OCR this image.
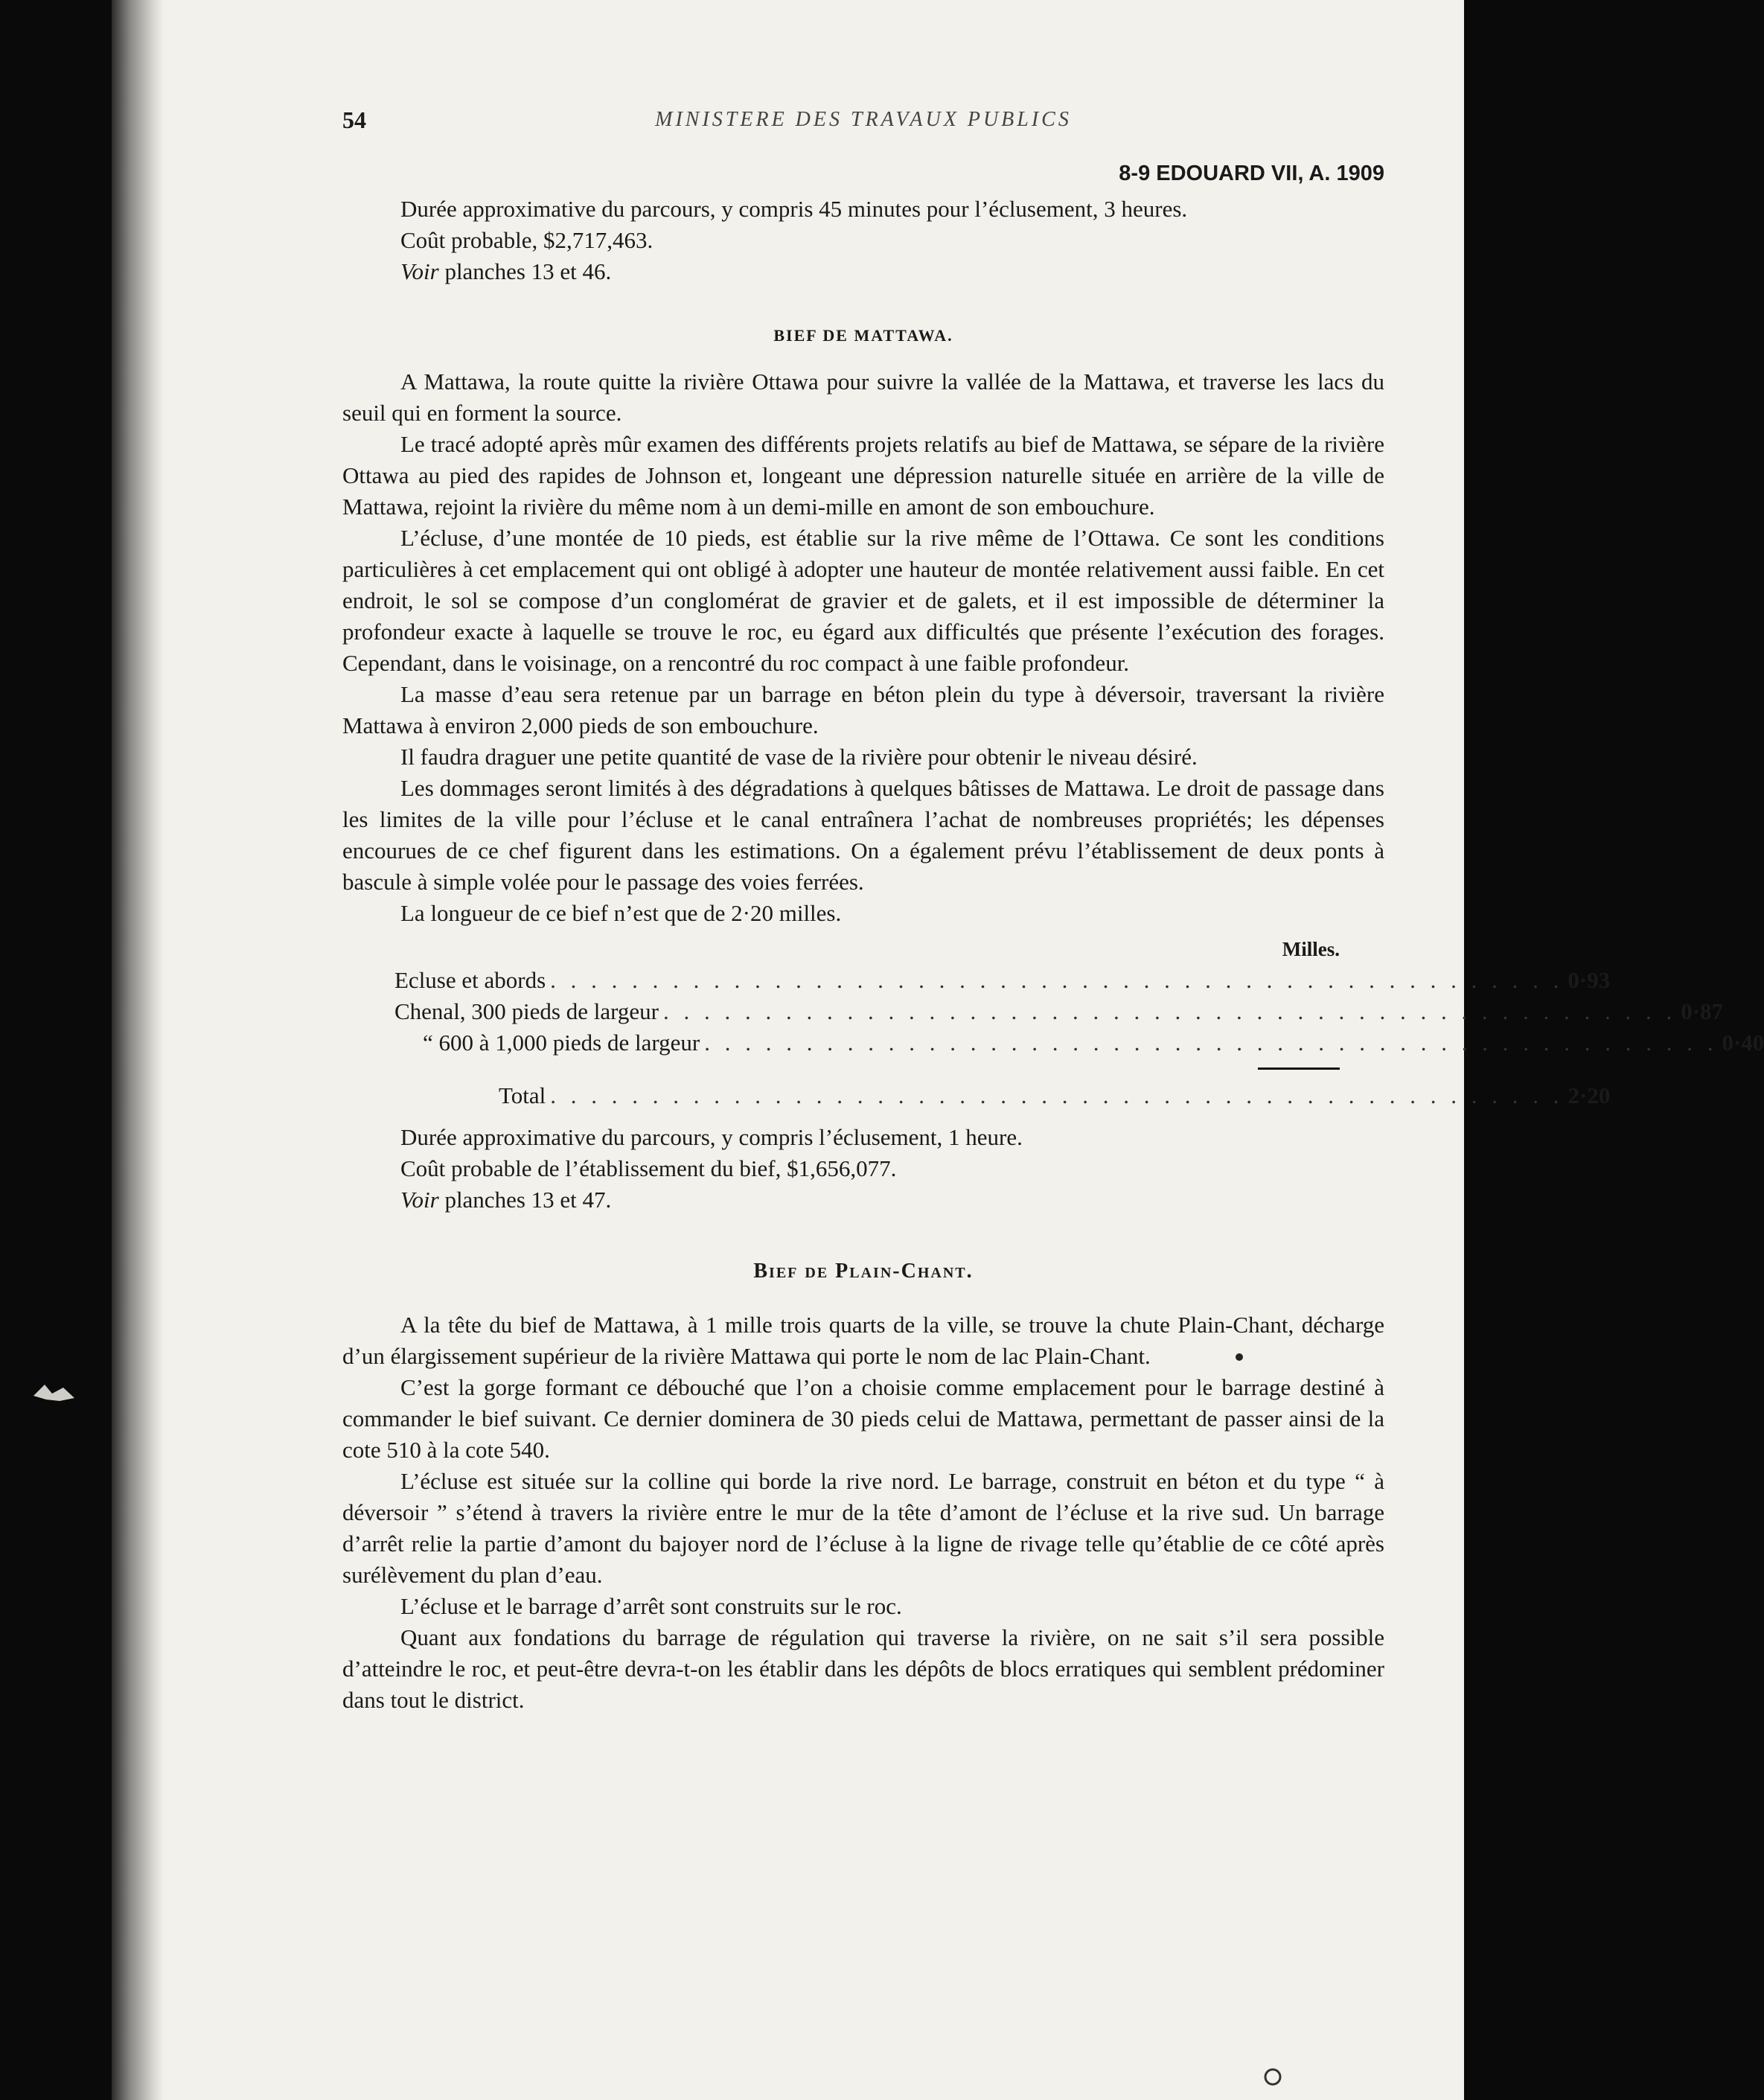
54	MINISTERE DES TRAVAUX PUBLICS
8-9 EDOUARD VII, A. 1909

Durée approximative du parcours, y compris 45 minutes pour l’éclusement, 3 heures.

Coût probable, $2,717,463.

Voir planches 13 et 46.

BIEF DE MATTAWA.

A Mattawa, la route quitte la rivière Ottawa pour suivre la vallée de la Mattawa, et traverse les lacs du seuil qui en forment la source.

Le tracé adopté après mûr examen des différents projets relatifs au bief de Mattawa, se sépare de la rivière Ottawa au pied des rapides de Johnson et, longeant une dépression naturelle située en arrière de la ville de Mattawa, rejoint la rivière du même nom à un demi-mille en amont de son embouchure.

L’écluse, d’une montée de 10 pieds, est établie sur la rive même de l’Ottawa. Ce sont les conditions particulières à cet emplacement qui ont obligé à adopter une hauteur de montée relativement aussi faible. En cet endroit, le sol se compose d’un conglomérat de gravier et de galets, et il est impossible de déterminer la profondeur exacte à laquelle se trouve le roc, eu égard aux difficultés que présente l’exécution des forages. Cependant, dans le voisinage, on a rencontré du roc compact à une faible profondeur.

La masse d’eau sera retenue par un barrage en béton plein du type à déversoir, traversant la rivière Mattawa à environ 2,000 pieds de son embouchure.

Il faudra draguer une petite quantité de vase de la rivière pour obtenir le niveau désiré.

Les dommages seront limités à des dégradations à quelques bâtisses de Mattawa. Le droit de passage dans les limites de la ville pour l’écluse et le canal entraînera l’achat de nombreuses propriétés; les dépenses encourues de ce chef figurent dans les estimations. On a également prévu l’établissement de deux ponts à bascule à simple volée pour le passage des voies ferrées.

La longueur de ce bief n’est que de 2·20 milles.

Milles.
Ecluse et abords . . . . . . . . . . . . . . . . . . . . . . . . . . . . . . . . . . . . . . . . . . . . . . . . . . 0·93
Chenal, 300 pieds de largeur . . . . . . . . . . . . . . . . . . . . . . . . . . . . . . . . . . . . . . . . . . . . . . . . . . 0·87
“ 600 à 1,000 pieds de largeur . . . . . . . . . . . . . . . . . . . . . . . . . . . . . . . . . . . . . . . . . . . . . . . . . . 0·40
Total . . . . . . . . . . . . . . . . . . . . . . . . . . . . . . . . . . . . . . . . . . . . . . . . . . 2·20

Durée approximative du parcours, y compris l’éclusement, 1 heure.

Coût probable de l’établissement du bief, $1,656,077.

Voir planches 13 et 47.

Bief de Plain-Chant.

A la tête du bief de Mattawa, à 1 mille trois quarts de la ville, se trouve la chute Plain-Chant, décharge d’un élargissement supérieur de la rivière Mattawa qui porte le nom de lac Plain-Chant.

C’est la gorge formant ce débouché que l’on a choisie comme emplacement pour le barrage destiné à commander le bief suivant. Ce dernier dominera de 30 pieds celui de Mattawa, permettant de passer ainsi de la cote 510 à la cote 540.

L’écluse est située sur la colline qui borde la rive nord. Le barrage, construit en béton et du type “ à déversoir ” s’étend à travers la rivière entre le mur de la tête d’amont de l’écluse et la rive sud. Un barrage d’arrêt relie la partie d’amont du bajoyer nord de l’écluse à la ligne de rivage telle qu’établie de ce côté après surélèvement du plan d’eau.

L’écluse et le barrage d’arrêt sont construits sur le roc.

Quant aux fondations du barrage de régulation qui traverse la rivière, on ne sait s’il sera possible d’atteindre le roc, et peut-être devra-t-on les établir dans les dépôts de blocs erratiques qui semblent prédominer dans tout le district.
